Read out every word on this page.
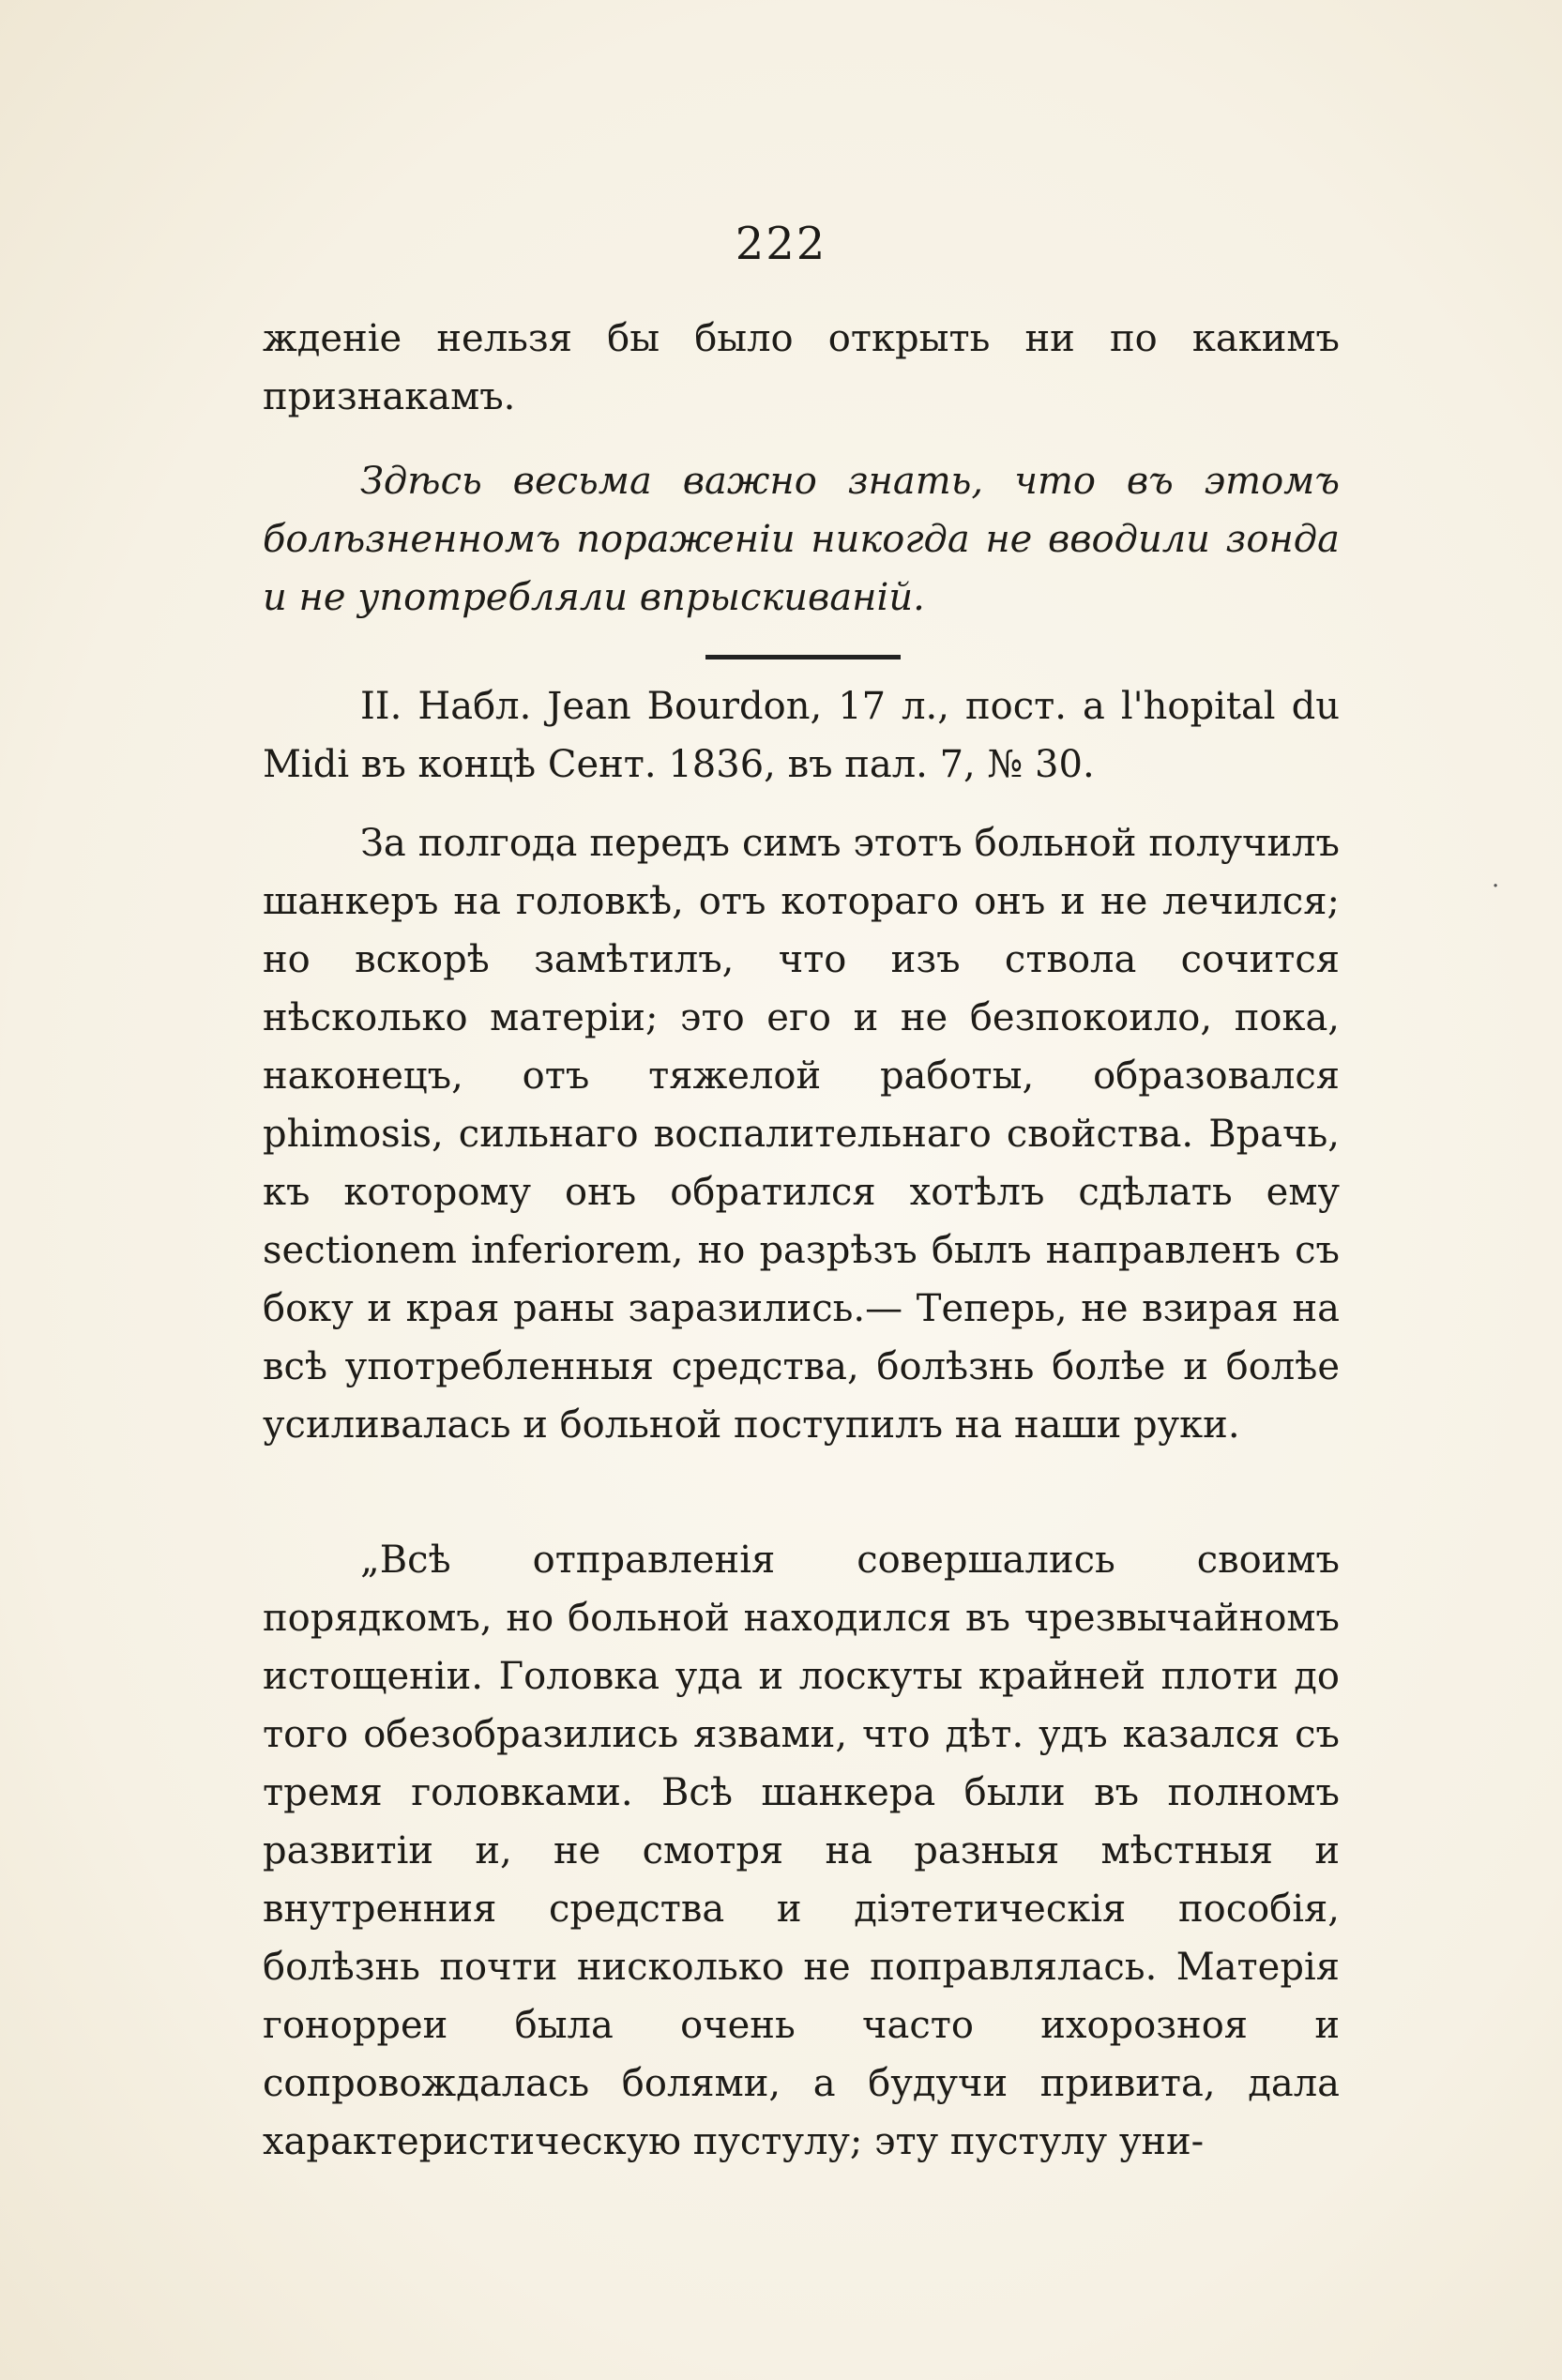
222

жденіе нельзя бы было открыть ни по какимъ признакамъ.

Здѣсь весьма важно знать, что въ этомъ болѣзненномъ пораженіи никогда не вводили зонда и не употребляли впрыскиваній.

II. Набл. Jean Bourdon, 17 л., пост. a l'hopital du Midi въ концѣ Сент. 1836, въ пал. 7, № 30.

За полгода передъ симъ этотъ больной получилъ шанкеръ на головкѣ, отъ котораго онъ и не лечился; но вскорѣ замѣтилъ, что изъ ствола сочится нѣсколько матеріи; это его и не безпокоило, пока, наконецъ, отъ тяжелой работы, образовался phimosis, сильнаго воспалительнаго свойства. Врачь, къ которому онъ обратился хотѣлъ сдѣлать ему sectionem inferiorem, но разрѣзъ былъ направленъ съ боку и края раны заразились.— Теперь, не взирая на всѣ употребленныя средства, болѣзнь болѣе и болѣе усиливалась и больной поступилъ на наши руки.

„Всѣ отправленія совершались своимъ порядкомъ, но больной находился въ чрезвычайномъ истощеніи. Головка уда и лоскуты крайней плоти до того обезобразились язвами, что дѣт. удъ казался съ тремя головками. Всѣ шанкера были въ полномъ развитіи и, не смотря на разныя мѣстныя и внутренния средства и діэтетическія пособія, болѣзнь почти нисколько не поправлялась. Матерія гонорреи была очень часто ихорозноя и сопровождалась болями, а будучи привита, дала характеристическую пустулу; эту пустулу уни-

·
